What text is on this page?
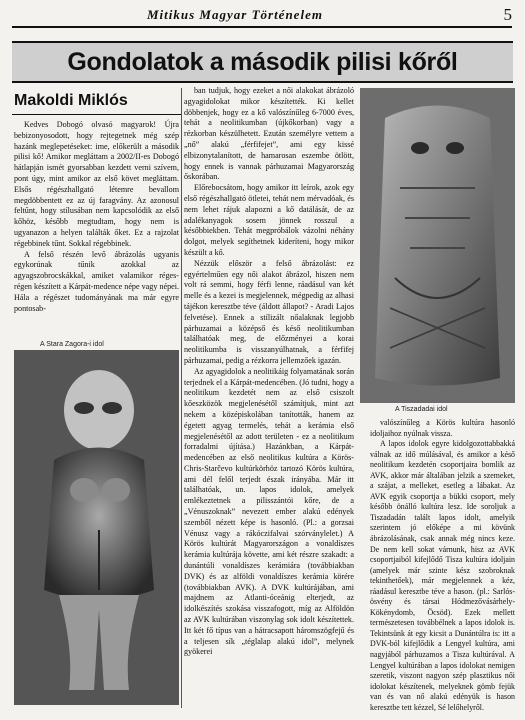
Mitikus Magyar Történelem	5
Gondolatok a második pilisi kőről
Makoldi Miklós

Kedves Dobogó olvasó magyarok! Újra bebizonyosodott, hogy rejtegetnek még szép hazánk meglepetéseket: ime, előkerült a második pilisi kő! Amikor megláttam a 2002/II-es Dobogó hátlapján ismét gyorsabban kezdett verni szívem, pont úgy, mint amikor az első követ megláttam. Elsős régészhallgató létemre bevallom megdöbbentett ez az új faragvány. Az azonosul feltűnt, hogy stílusában nem kapcsolódik az első kőhöz, később megtudtam, hogy nem is ugyanazon a helyen találták őket. Ez a rajzolat régebbinek tűnt. Sokkal régebbinek.

A felső részén levő ábrázolás ugyanis egykorúnak tűnik azokkal az agyagszobrocskákkal, amiket valamikor réges-régen készített a Kárpát-medence népe vagy népei. Hála a régészet tudományának ma már egyre pontosab-

A Stara Zagora-i idol

ban tudjuk, hogy ezeket a női alakokat ábrázoló agyagidolokat mikor készítették. Ki kellet döbbenjek, hogy ez a kő valószínűleg 6-7000 éves, tehát a neolitikumban (újkőkorban) vagy a rézkorban készülhetett. Ezután személyre vettem a „nő” alakú „férfifejet”, ami egy kissé elbizonytalanított, de hamarosan eszembe ötlött, hogy ennek is vannak párhuzamai Magyarország őskorában.

Előrebocsátom, hogy amikor itt leírok, azok egy első régészhallgató ötletei, tehát nem mérvadóak, és nem lehet rájuk alapozni a kő datálását, de az adalékanyagok sosem jönnek rosszul a későbbiekben. Tehát megpróbálok vázolni néhány dolgot, melyek segíthetnek kideríteni, hogy mikor készült a kő.

Nézzük először a felső ábrázolást: ez egyértelműen egy női alakot ábrázol, hiszen nem volt rá semmi, hogy férfi lenne, ráadásul van két melle és a kezei is megjelennek, mégpedig az alhasi tájékon keresztbe téve (áldott állapot? - Aradi Lajos felvetése). Ennek a stílizált nőalaknak legjobb párhuzamai a középső és késő neolitikumban találhatóak meg, de előzményei a korai neolitikumba is visszanyúlhatnak, a férfifej párhuzamai, pedig a rézkorra jellemzőek igazán.

Az agyagidolok a neolitikáig folyamatának során terjednek el a Kárpát-medencében. (Jó tudni, hogy a neolitikum kezdetét nem az első csiszolt kőeszközök megjelenésétől számítjuk, mint azt nekem a középiskolában tanították, hanem az égetett agyag termelés, tehát a kerámia első megjelenésétől az adott területen - ez a neolitikum forradalmi újítása.) Hazánkban, a Kárpát-medencében az első neolitikus kultúra a Körös-Chris-Starčevo kultúrkörhöz tartozó Körös kultúra, ami dél felől terjedt észak irányába. Már itt találhatóak, un. lapos idolok, amelyek emlékeztetnek a pilisszántói kőre, de a „Vénuszoknak” nevezett ember alakú edények szemből nézett képe is hasonló. (Pl.: a gorzsai Vénusz vagy a rákóczifalvai szórványlelet.) A Körös kultúrát Magyarországon a vonaldíszes kerámia kultúrája követte, ami két részre szakadt: a dunántúli vonaldíszes kerámiára (továbbiakban DVK) és az alföldi vonaldíszes kerámia körére (továbbiakban AVK). A DVK kultúrájában, ami majdnem az Atlanti-óceánig elterjedt, az idolkészítés szokása visszafogott, míg az Alföldön az AVK kultúrában viszonylag sok idolt készítettek. Itt két fő típus van a hátracsapott háromszögfejű és a teljesen sík „téglalap alakú idol”, melynek gyökerei

A Tiszadadai idol

valószínűleg a Körös kultúra hasonló idoljaihoz nyúlnak vissza.

A lapos idolok egyre kidolgozottabbakká válnak az idő múlásával, és amikor a késő neolitikum kezdetén csoportjaira bomlik az AVK, akkor már általában jelzik a szemeket, a szájat, a melleket, esetleg a lábakat. Az AVK egyik csoportja a bükki csoport, mely később önálló kultúra lesz. Ide soroljuk a Tiszadadán talált lapos idolt, amelyik szerintem jó előképe a mi kövünk ábrázolásának, csak annak még nincs keze. De nem kell sokat várnunk, hisz az AVK csoportjaiból kifejlődő Tisza kultúra idoljain (amelyek már szinte kész szobroknak tekinthetőek), már megjelennek a kéz, ráadásul keresztbe téve a hason. (pl.: Sarlós-ösvény és társai Hódmezővásárhely-Kökénydomb, Öcsöd). Ezek mellett természetesen továbbélnek a lapos idolok is. Tekintsünk át egy kicsit a Dunántúlra is: itt a DVK-ból kifejlődik a Lengyel kultúra, ami nagyjából párhuzamos a Tisza kultúrával. A Lengyel kultúrában a lapos idolokat nemigen szeretik, viszont nagyon szép plasztikus női idolokat készítenek, melyeknek gömb fejük van és van nő alakú edényük is hason keresztbe tett kézzel, Sé lelőhelyről.
